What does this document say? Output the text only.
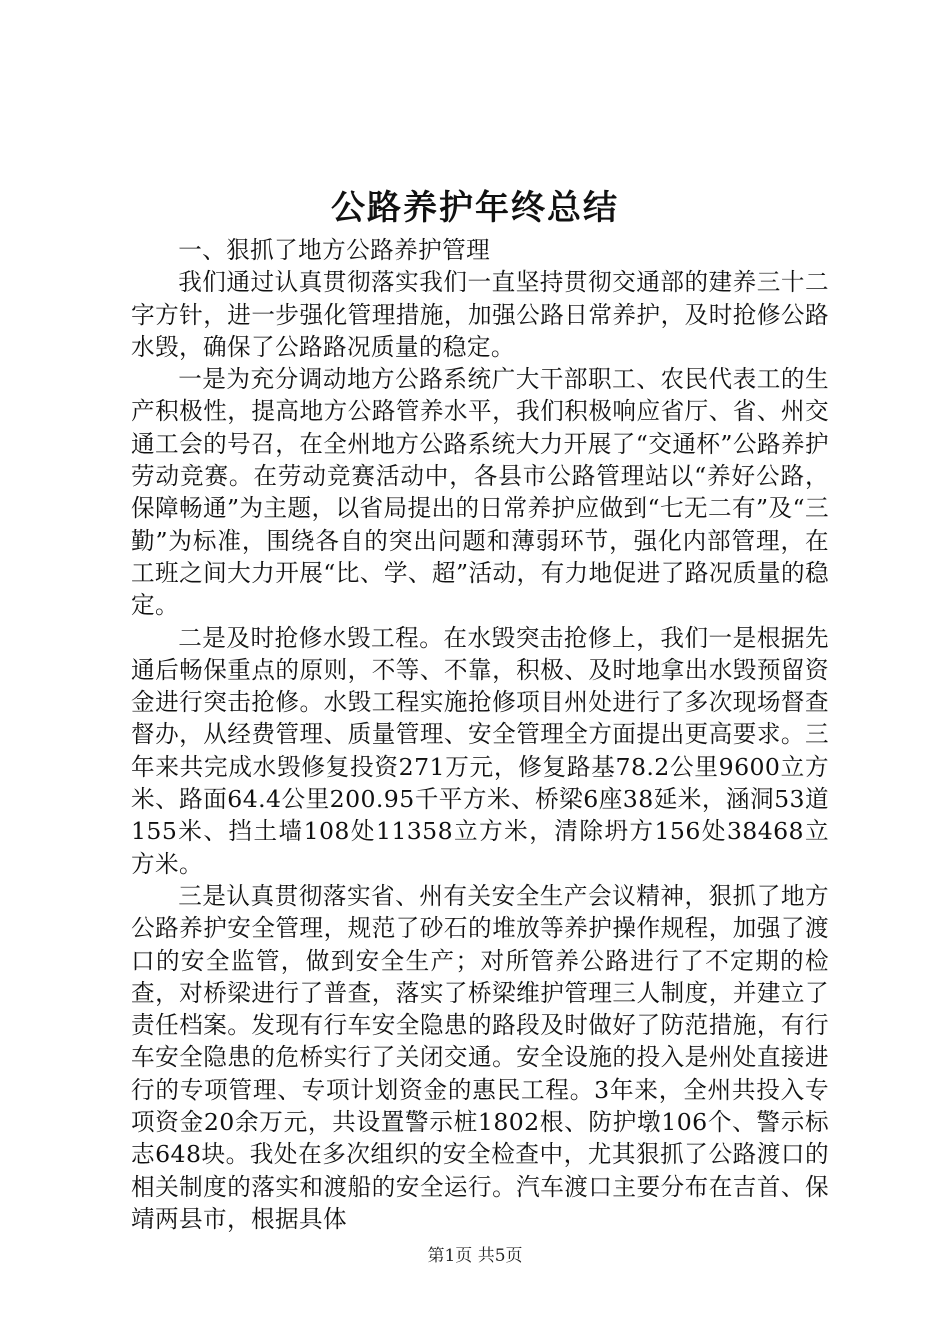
公路养护年终总结

一、狠抓了地方公路养护管理

我们通过认真贯彻落实我们一直坚持贯彻交通部的建养三十二字方针，进一步强化管理措施，加强公路日常养护，及时抢修公路水毁，确保了公路路况质量的稳定。

一是为充分调动地方公路系统广大干部职工、农民代表工的生产积极性，提高地方公路管养水平，我们积极响应省厅、省、州交通工会的号召，在全州地方公路系统大力开展了“交通杯”公路养护劳动竞赛。在劳动竞赛活动中，各县市公路管理站以“养好公路，保障畅通”为主题，以省局提出的日常养护应做到“七无二有”及“三勤”为标准，围绕各自的突出问题和薄弱环节，强化内部管理，在工班之间大力开展“比、学、超”活动，有力地促进了路况质量的稳定。

二是及时抢修水毁工程。在水毁突击抢修上，我们一是根据先通后畅保重点的原则，不等、不靠，积极、及时地拿出水毁预留资金进行突击抢修。水毁工程实施抢修项目州处进行了多次现场督查督办，从经费管理、质量管理、安全管理全方面提出更高要求。三年来共完成水毁修复投资271万元，修复路基78.2公里9600立方米、路面64.4公里200.95千平方米、桥梁6座38延米，涵洞53道155米、挡土墙108处11358立方米，清除坍方156处38468立方米。

三是认真贯彻落实省、州有关安全生产会议精神，狠抓了地方公路养护安全管理，规范了砂石的堆放等养护操作规程，加强了渡口的安全监管，做到安全生产；对所管养公路进行了不定期的检查，对桥梁进行了普查，落实了桥梁维护管理三人制度，并建立了责任档案。发现有行车安全隐患的路段及时做好了防范措施，有行车安全隐患的危桥实行了关闭交通。安全设施的投入是州处直接进行的专项管理、专项计划资金的惠民工程。3年来，全州共投入专项资金20余万元，共设置警示桩1802根、防护墩106个、警示标志648块。我处在多次组织的安全检查中，尤其狠抓了公路渡口的相关制度的落实和渡船的安全运行。汽车渡口主要分布在吉首、保靖两县市，根据具体

第1页 共5页
